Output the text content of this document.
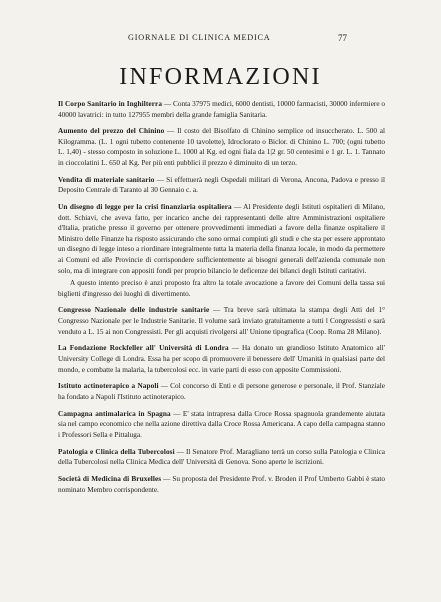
GIORNALE DI CLINICA MEDICA	77
INFORMAZIONI

Il Corpo Sanitario in Inghilterra — Conta 37975 medici, 6000 dentisti, 10000 farmacisti, 30000 infermiere o 40000 lavatrici: in tutto 127955 membri della grande famiglia Sanitaria.

Aumento del prezzo del Chinino — Il costo del Bisolfato di Chinino semplice od insuccherato. L. 500 al Kilogramma. (L. 1 ogni tubetto contenente 10 tavolette), Idroclorato o Biclor. di Chinino L. 700; (ogni tubetto L. 1,40) - stesso composto in soluzione L. 1000 al Kg. ed ogni fiala da 1|2 gr. 50 centesimi e 1 gr. L. 1. Tannato in cioccolatini L. 650 al Kg. Per più enti pubblici il prezzo è diminuito di un terzo.

Vendita di materiale sanitario — Si effettuerà negli Ospedali militari di Verona, Ancona, Padova e presso il Deposito Centrale di Taranto al 30 Gennaio c. a.

Un disegno di legge per la crisi finanziaria ospitaliera — Al Presidente degli Istituti ospitalieri di Milano, dott. Schiavi, che aveva fatto, per incarico anche dei rappresentanti delle altre Amministrazioni ospitaliere d'Italia, pratiche presso il governo per ottenere provvedimenti immediati a favore della finanze ospitaliere il Ministro delle Finanze ha risposto assicurando che sono ormai compiuti gli studi e che sta per essere approntato un disegno di legge inteso a riordinare integralmente tutta la materia della finanza locale, in modo da permettere ai Comuni ed alle Provincie di corrispondere sufficientemente ai bisogni generali dell'azienda comunale non solo, ma di integrare con appositi fondi per proprio bilancio le deficenze dei bilanci degli Istituti caritativi.

A questo intento preciso è anzi proposto fra altro la totale avocazione a favore dei Comuni della tassa sui biglietti d'ingresso dei luoghi di divertimento.

Congresso Nazionale delle industrie sanitarie — Tra breve sarà ultimata la stampa degli Atti del 1° Congresso Nazionale per le Industrie Sanitarie. Il volume sarà inviato gratuitamente a tutti l Congressisti e sarà venduto a L. 15 ai non Congressisti. Per gli acquisti rivolgersi all' Unione tipografica (Coop. Roma 28 Milano).

La Fondazione Rockfeller all' Università di Londra — Ha donato un grandioso Istituto Anatomico all' University College di Londra. Essa ha per scopo di promuovere il benessere dell' Umanità in qualsiasi parte del mondo, e combatte la malaria, la tubercolosi ecc. in varie parti di esso con apposite Commissioni.

Istituto actinoterapico a Napoli — Col concorso di Enti e di persone generose e personale, il Prof. Stanziale ha fondato a Napoli l'Istituto actinoterapico.

Campagna antimalarica in Spagna — E' stata intrapresa dalla Croce Rossa spagnuola grandemente aiutata sia nel campo economico che nella azione direttiva dalla Croce Rossa Americana. A capo della campagna stanno i Professori Sella e Pittaluga.

Patologia e Clinica della Tubercolosi — Il Senatore Prof. Maragliano terrà un corso sulla Patologia e Clinica della Tubercolosi nella Clinica Medica dell' Università di Genova. Sono aperte le iscrizioni.

Società di Medicina di Bruxelles — Su proposta del Presidente Prof. v. Broden il Prof Umberto Gabbi è stato nominato Membro corrispondente.
